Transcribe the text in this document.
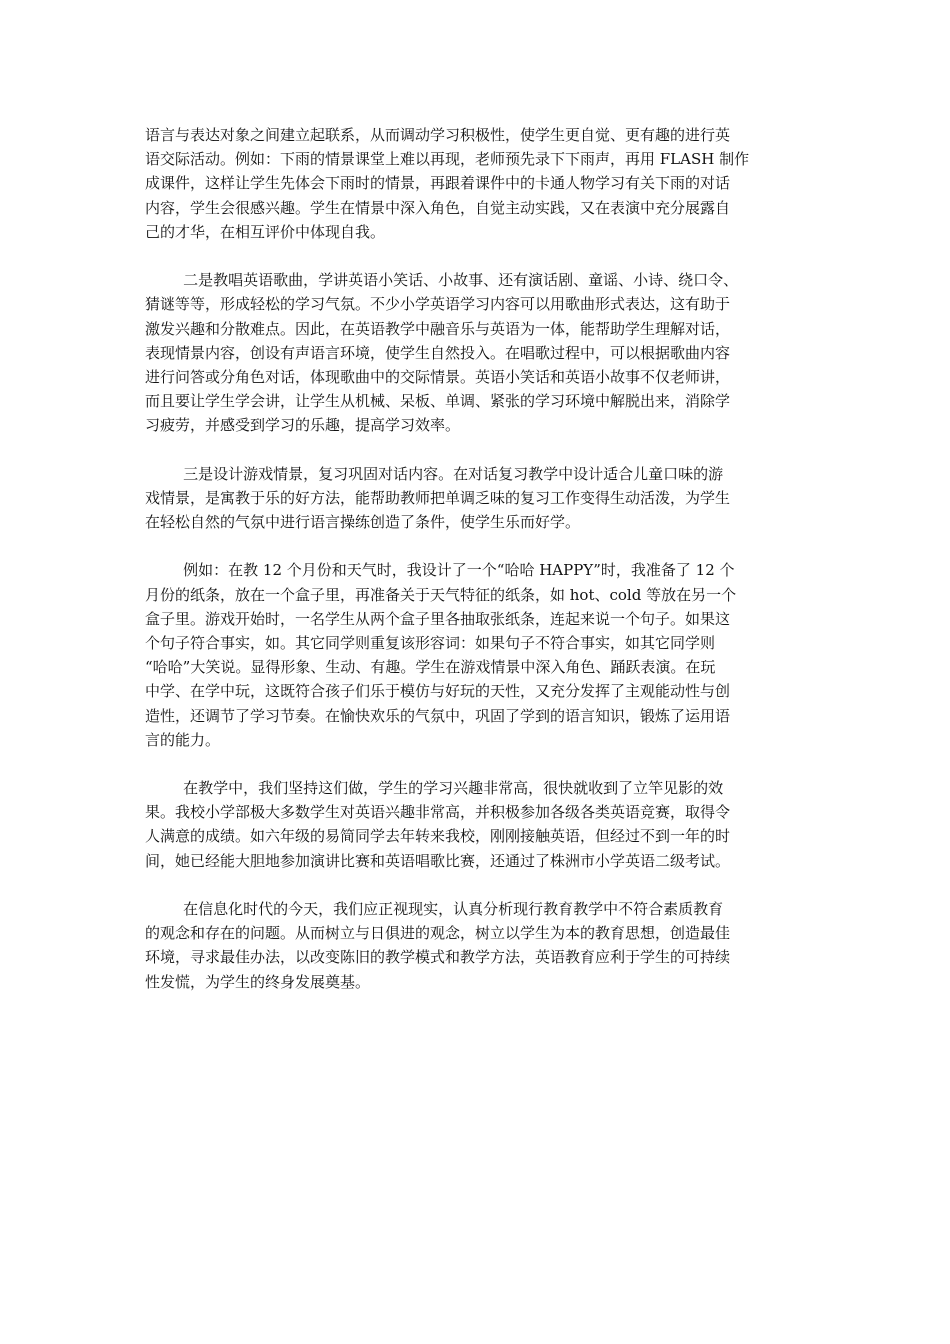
语言与表达对象之间建立起联系，从而调动学习积极性，使学生更自觉、更有趣的进行英
语交际活动。例如：下雨的情景课堂上难以再现，老师预先录下下雨声，再用 FLASH 制作
成课件，这样让学生先体会下雨时的情景，再跟着课件中的卡通人物学习有关下雨的对话
内容，学生会很感兴趣。学生在情景中深入角色，自觉主动实践，又在表演中充分展露自
己的才华，在相互评价中体现自我。
二是教唱英语歌曲，学讲英语小笑话、小故事、还有演话剧、童谣、小诗、绕口令、
猜谜等等，形成轻松的学习气氛。不少小学英语学习内容可以用歌曲形式表达，这有助于
激发兴趣和分散难点。因此，在英语教学中融音乐与英语为一体，能帮助学生理解对话，
表现情景内容，创设有声语言环境，使学生自然投入。在唱歌过程中，可以根据歌曲内容
进行问答或分角色对话，体现歌曲中的交际情景。英语小笑话和英语小故事不仅老师讲，
而且要让学生学会讲，让学生从机械、呆板、单调、紧张的学习环境中解脱出来，消除学
习疲劳，并感受到学习的乐趣，提高学习效率。
三是设计游戏情景，复习巩固对话内容。在对话复习教学中设计适合儿童口味的游
戏情景，是寓教于乐的好方法，能帮助教师把单调乏味的复习工作变得生动活泼，为学生
在轻松自然的气氛中进行语言操练创造了条件，使学生乐而好学。
例如：在教 12 个月份和天气时，我设计了一个“哈哈 HAPPY”时，我准备了 12 个
月份的纸条，放在一个盒子里，再准备关于天气特征的纸条，如 hot、cold 等放在另一个
盒子里。游戏开始时，一名学生从两个盒子里各抽取张纸条，连起来说一个句子。如果这
个句子符合事实，如。其它同学则重复该形容词：如果句子不符合事实，如其它同学则
“哈哈”大笑说。显得形象、生动、有趣。学生在游戏情景中深入角色、踊跃表演。在玩
中学、在学中玩，这既符合孩子们乐于模仿与好玩的天性，又充分发挥了主观能动性与创
造性，还调节了学习节奏。在愉快欢乐的气氛中，巩固了学到的语言知识，锻炼了运用语
言的能力。
在教学中，我们坚持这们做，学生的学习兴趣非常高，很快就收到了立竿见影的效
果。我校小学部极大多数学生对英语兴趣非常高，并积极参加各级各类英语竞赛，取得令
人满意的成绩。如六年级的易简同学去年转来我校，刚刚接触英语，但经过不到一年的时
间，她已经能大胆地参加演讲比赛和英语唱歌比赛，还通过了株洲市小学英语二级考试。
在信息化时代的今天，我们应正视现实，认真分析现行教育教学中不符合素质教育
的观念和存在的问题。从而树立与日俱进的观念，树立以学生为本的教育思想，创造最佳
环境，寻求最佳办法，以改变陈旧的教学模式和教学方法，英语教育应利于学生的可持续
性发慌，为学生的终身发展奠基。
